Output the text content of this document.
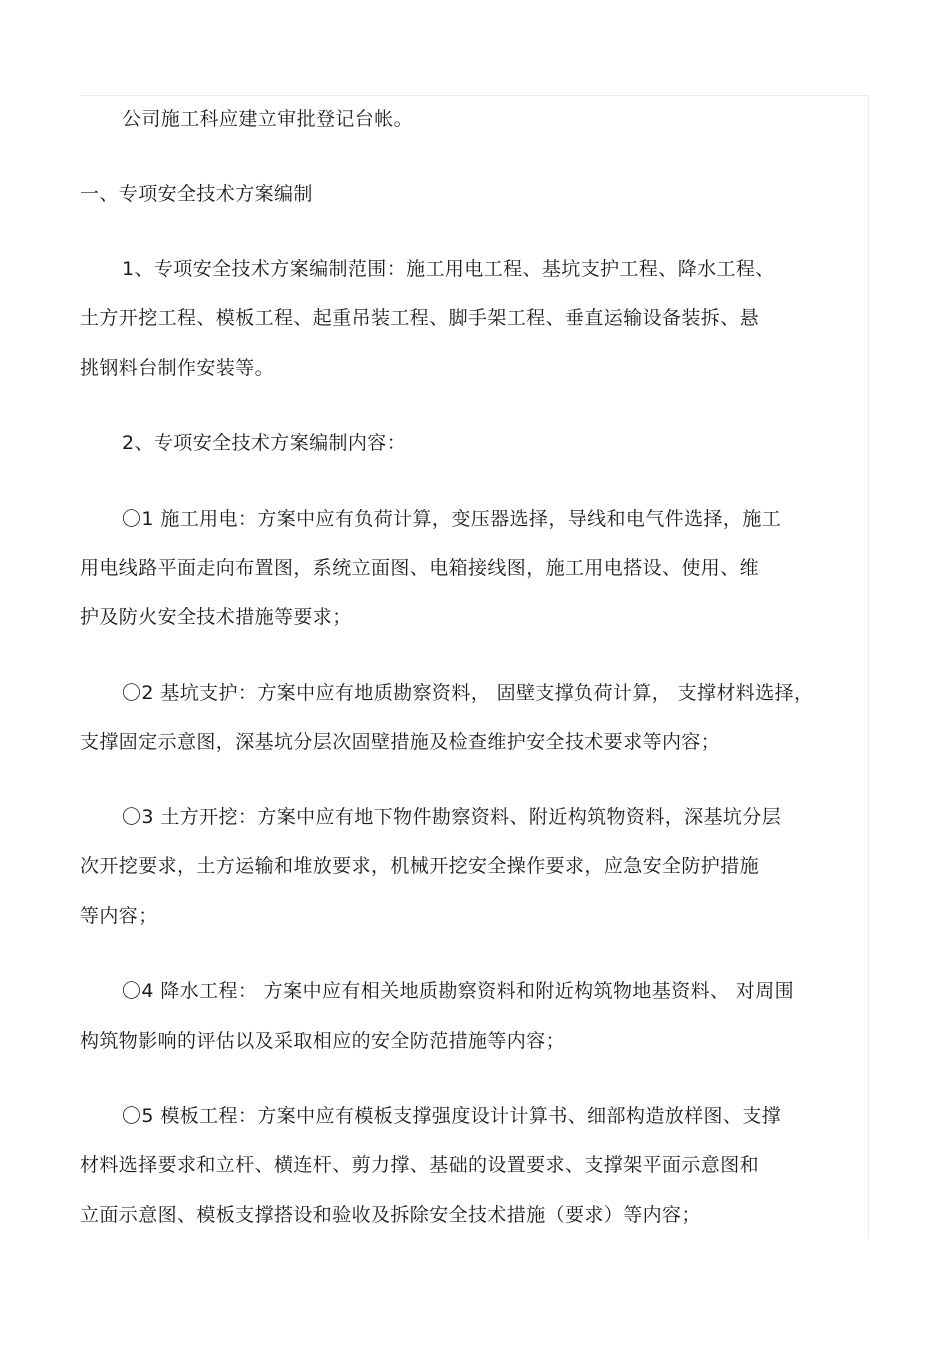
公司施工科应建立审批登记台帐。

一、专项安全技术方案编制

1、专项安全技术方案编制范围：施工用电工程、基坑支护工程、降水工程、

土方开挖工程、模板工程、起重吊装工程、脚手架工程、垂直运输设备装拆、悬

挑钢料台制作安装等。

2、专项安全技术方案编制内容：

〇1 施工用电：方案中应有负荷计算，变压器选择，导线和电气件选择，施工

用电线路平面走向布置图，系统立面图、电箱接线图，施工用电搭设、使用、维

护及防火安全技术措施等要求；

〇2 基坑支护：方案中应有地质勘察资料， 固壁支撑负荷计算， 支撑材料选择，

支撑固定示意图，深基坑分层次固壁措施及检查维护安全技术要求等内容；

〇3 土方开挖：方案中应有地下物件勘察资料、附近构筑物资料，深基坑分层

次开挖要求，土方运输和堆放要求，机械开挖安全操作要求，应急安全防护措施

等内容；

〇4 降水工程： 方案中应有相关地质勘察资料和附近构筑物地基资料、 对周围

构筑物影响的评估以及采取相应的安全防范措施等内容；

〇5 模板工程：方案中应有模板支撑强度设计计算书、细部构造放样图、支撑

材料选择要求和立杆、横连杆、剪力撑、基础的设置要求、支撑架平面示意图和

立面示意图、模板支撑搭设和验收及拆除安全技术措施（要求）等内容；
